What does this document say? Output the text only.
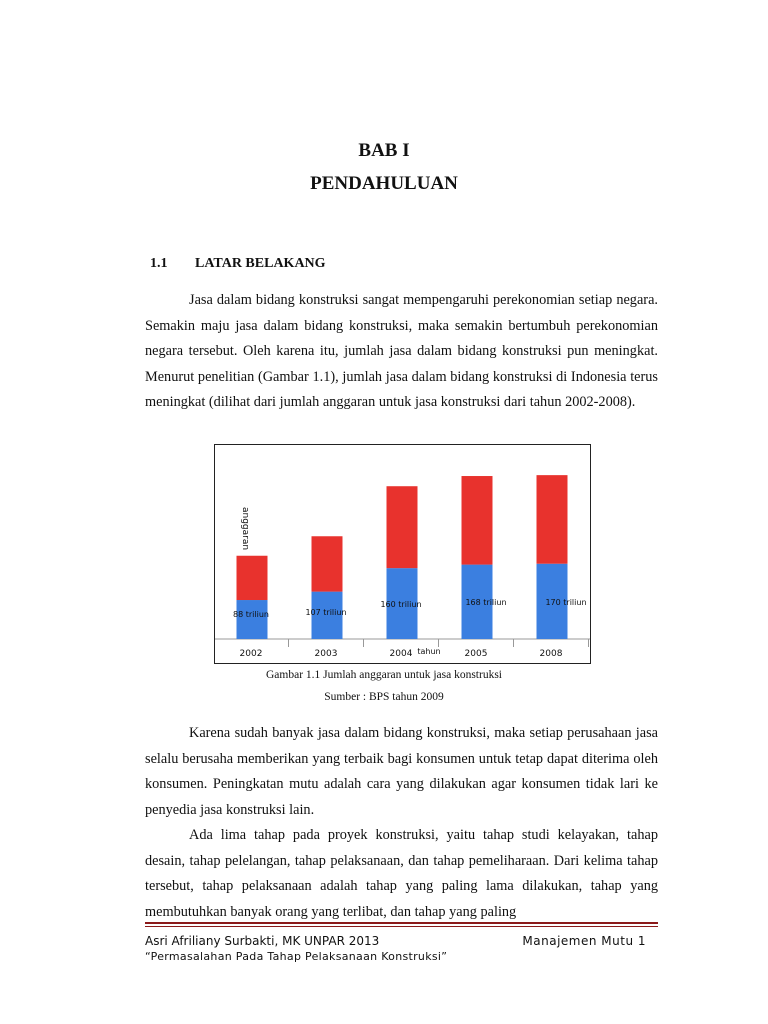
BAB I
PENDAHULUAN
1.1 LATAR BELAKANG
Jasa dalam bidang konstruksi sangat mempengaruhi perekonomian setiap negara. Semakin maju jasa dalam bidang konstruksi, maka semakin bertumbuh perekonomian negara tersebut. Oleh karena itu, jumlah jasa dalam bidang konstruksi pun meningkat. Menurut penelitian (Gambar 1.1), jumlah jasa dalam bidang konstruksi di Indonesia terus meningkat (dilihat dari jumlah anggaran untuk jasa konstruksi dari tahun 2002-2008).
2002
88 triliun
2003
107 triliun
2004
160 triliun
2005
168 triliun
2008
170 triliun
anggaran
tahun
Gambar 1.1 Jumlah anggaran untuk jasa konstruksi
Sumber : BPS tahun 2009
Karena sudah banyak jasa dalam bidang konstruksi, maka setiap perusahaan jasa selalu berusaha memberikan yang terbaik bagi konsumen untuk tetap dapat diterima oleh konsumen. Peningkatan mutu adalah cara yang dilakukan agar konsumen tidak lari ke penyedia jasa konstruksi lain.
Ada lima tahap pada proyek konstruksi, yaitu tahap studi kelayakan, tahap desain, tahap pelelangan, tahap pelaksanaan, dan tahap pemeliharaan. Dari kelima tahap tersebut, tahap pelaksanaan adalah tahap yang paling lama dilakukan, tahap yang membutuhkan banyak orang yang terlibat, dan tahap yang paling
Asri Afriliany Surbakti, MK UNPAR 2013	Manajemen Mutu 1
“Permasalahan Pada Tahap Pelaksanaan Konstruksi”
